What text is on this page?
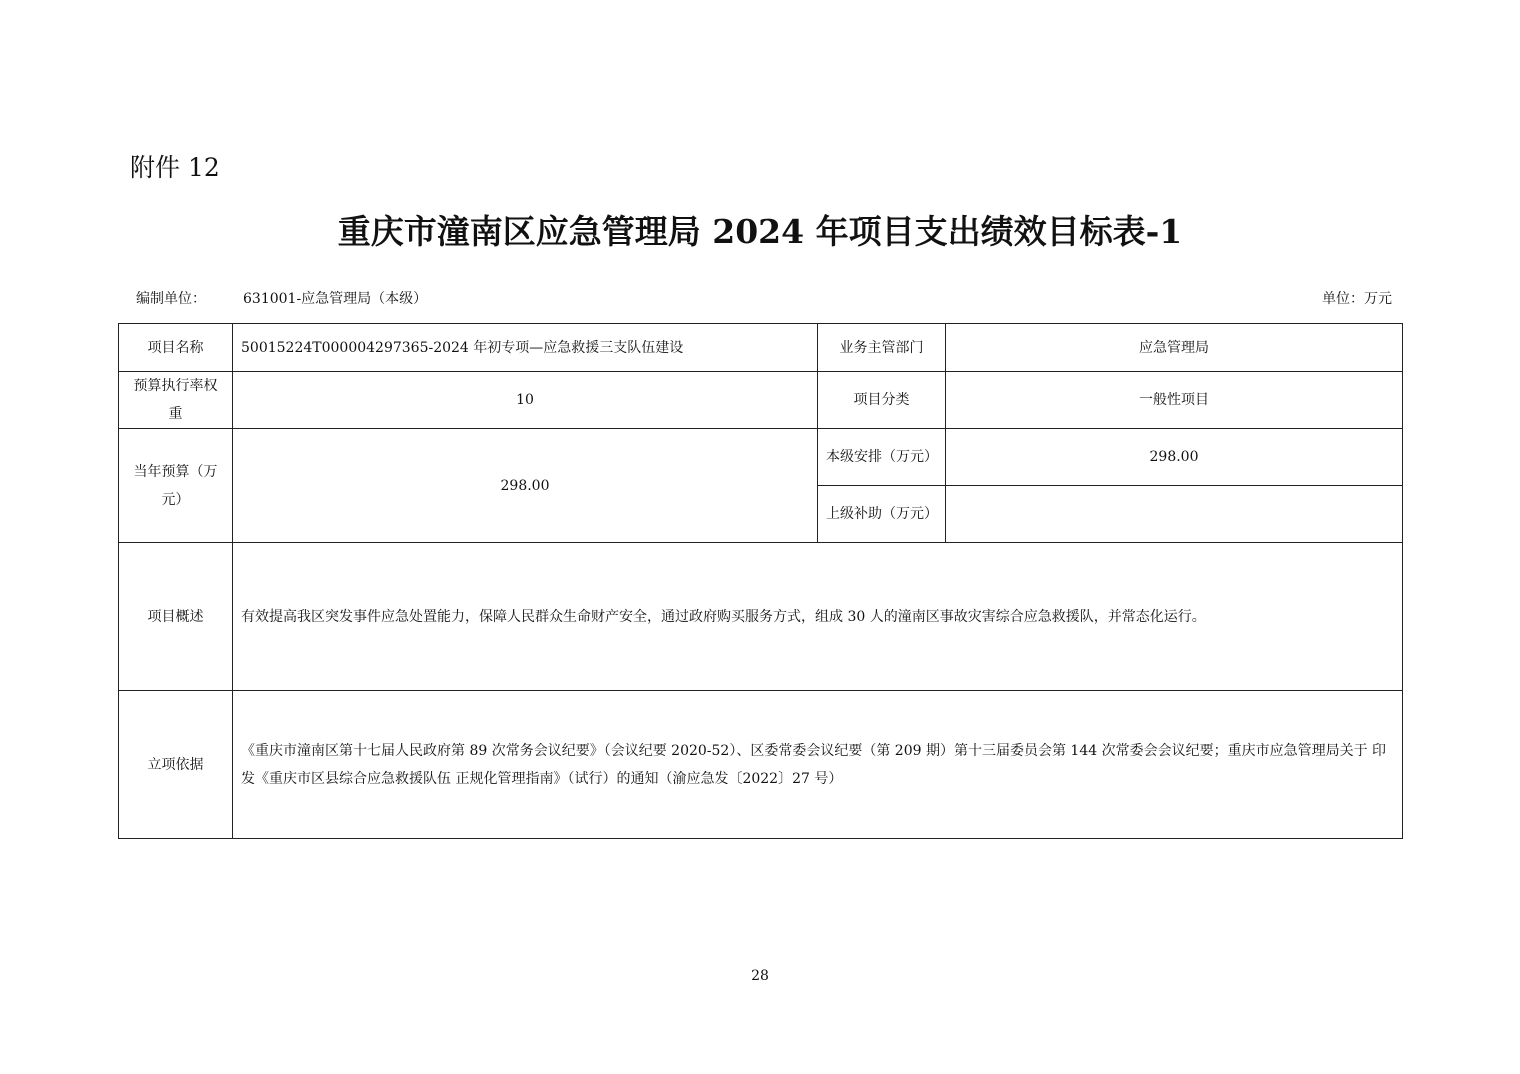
附件 12
重庆市潼南区应急管理局 2024 年项目支出绩效目标表-1
编制单位：	631001-应急管理局（本级）	单位：万元
项目名称	50015224T000004297365-2024 年初专项—应急救援三支队伍建设	业务主管部门	应急管理局
预算执行率权重	10	项目分类	一般性项目
当年预算（万元）	298.00	本级安排（万元）	298.00
		上级补助（万元）	
项目概述	有效提高我区突发事件应急处置能力，保障人民群众生命财产安全，通过政府购买服务方式，组成 30 人的潼南区事故灾害综合应急救援队，并常态化运行。		
立项依据	《重庆市潼南区第十七届人民政府第 89 次常务会议纪要》（会议纪要 2020-52）、区委常委会议纪要（第 209 期）第十三届委员会第 144 次常委会会议纪要；重庆市应急管理局关于 印发《重庆市区县综合应急救援队伍 正规化管理指南》（试行）的通知（渝应急发〔2022〕27 号）		
28
